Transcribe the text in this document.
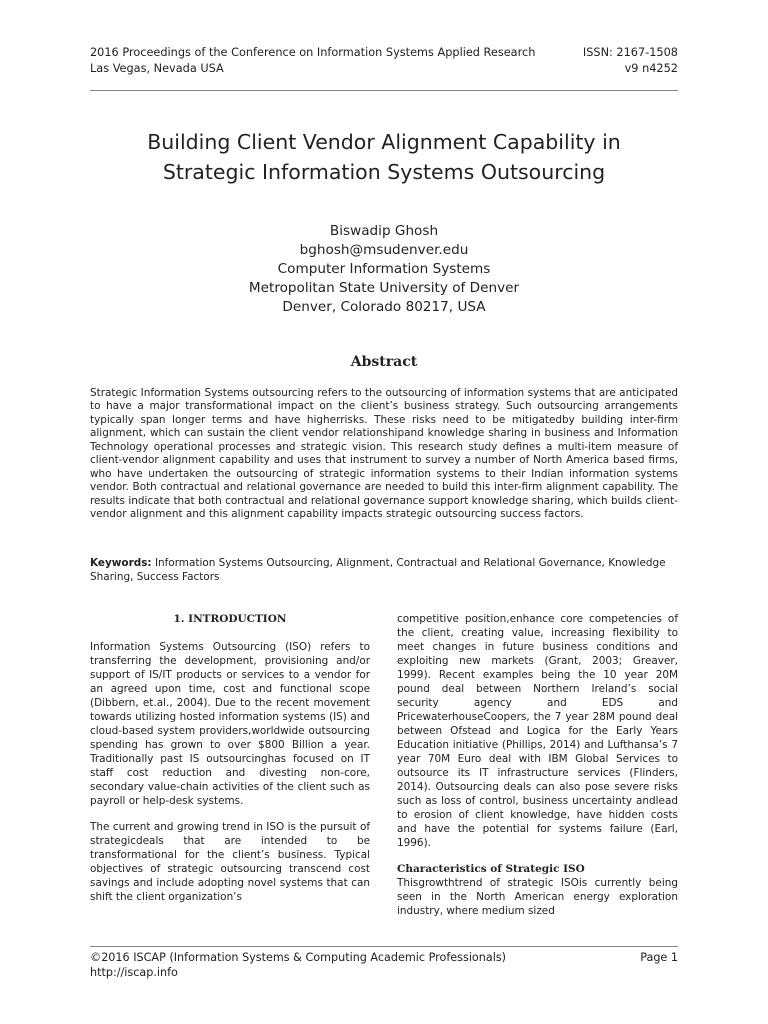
2016 Proceedings of the Conference on Information Systems Applied Research
Las Vegas, Nevada USA
ISSN: 2167-1508
v9 n4252
Building Client Vendor Alignment Capability in
Strategic Information Systems Outsourcing
Biswadip Ghosh
bghosh@msudenver.edu
Computer Information Systems
Metropolitan State University of Denver
Denver, Colorado 80217, USA
Abstract
Strategic Information Systems outsourcing refers to the outsourcing of information systems that are anticipated to have a major transformational impact on the client’s business strategy. Such outsourcing arrangements typically span longer terms and have higherrisks. These risks need to be mitigatedby building inter-firm alignment, which can sustain the client vendor relationshipand knowledge sharing in business and Information Technology operational processes and strategic vision. This research study defines a multi-item measure of client-vendor alignment capability and uses that instrument to survey a number of North America based firms, who have undertaken the outsourcing of strategic information systems to their Indian information systems vendor. Both contractual and relational governance are needed to build this inter-firm alignment capability. The results indicate that both contractual and relational governance support knowledge sharing, which builds client-vendor alignment and this alignment capability impacts strategic outsourcing success factors.
Keywords: Information Systems Outsourcing, Alignment, Contractual and Relational Governance, Knowledge Sharing, Success Factors
1. INTRODUCTION

Information Systems Outsourcing (ISO) refers to transferring the development, provisioning and/or support of IS/IT products or services to a vendor for an agreed upon time, cost and functional scope (Dibbern, et.al., 2004). Due to the recent movement towards utilizing hosted information systems (IS) and cloud-based system providers,worldwide outsourcing spending has grown to over $800 Billion a year. Traditionally past IS outsourcinghas focused on IT staff cost reduction and divesting non-core, secondary value-chain activities of the client such as payroll or help-desk systems.

The current and growing trend in ISO is the pursuit of strategicdeals that are intended to be transformational for the client’s business. Typical objectives of strategic outsourcing transcend cost savings and include adopting novel systems that can shift the client organization’s

competitive position,enhance core competencies of the client, creating value, increasing flexibility to meet changes in future business conditions and exploiting new markets (Grant, 2003; Greaver, 1999). Recent examples being the 10 year 20M pound deal between Northern Ireland’s social security agency and EDS and PricewaterhouseCoopers, the 7 year 28M pound deal between Ofstead and Logica for the Early Years Education initiative (Phillips, 2014) and Lufthansa’s 7 year 70M Euro deal with IBM Global Services to outsource its IT infrastructure services (Flinders, 2014). Outsourcing deals can also pose severe risks such as loss of control, business uncertainty andlead to erosion of client knowledge, have hidden costs and have the potential for systems failure (Earl, 1996).

Characteristics of Strategic ISO

Thisgrowthtrend of strategic ISOis currently being seen in the North American energy exploration industry, where medium sized

©2016 ISCAP (Information Systems & Computing Academic Professionals)
http://iscap.info
Page 1
